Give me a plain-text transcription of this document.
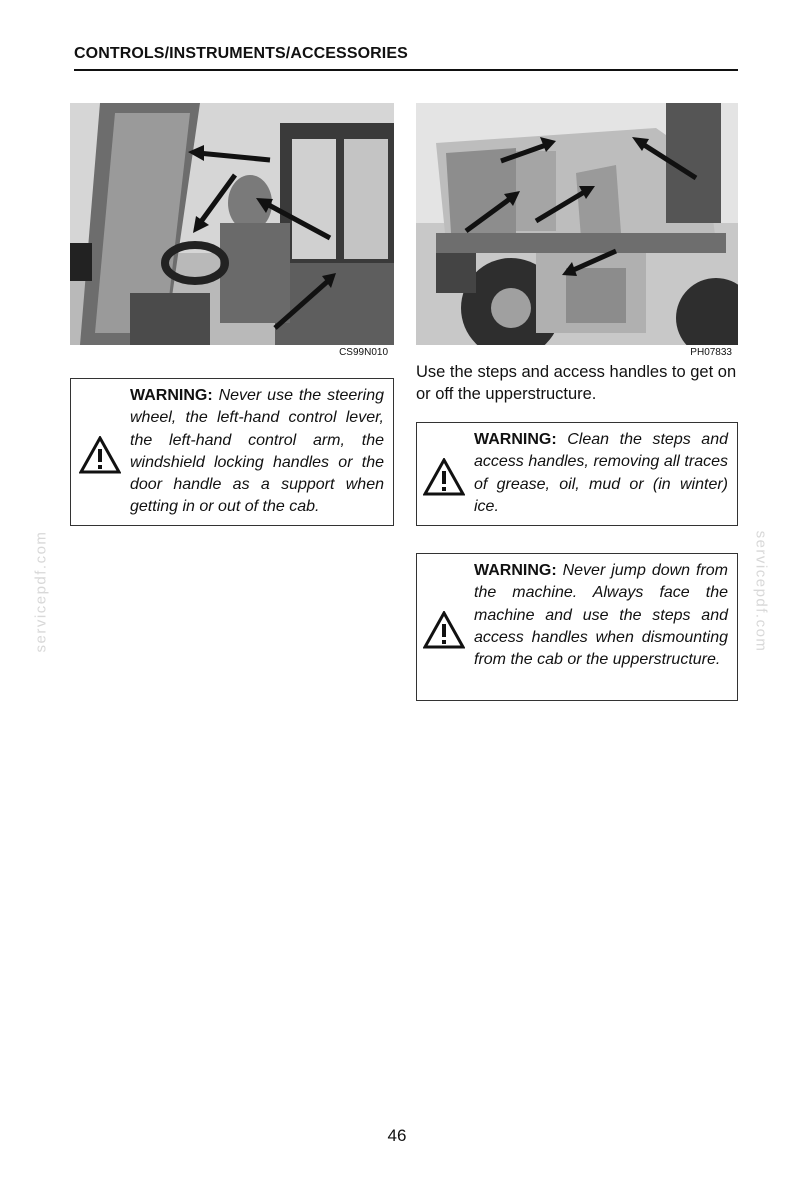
CONTROLS/INSTRUMENTS/ACCESSORIES
CS99N010	PH07833
Use the steps and access handles to get on or off the upperstructure.
WARNING: Never use the steering wheel, the left-hand control lever, the left-hand control arm, the windshield locking handles or the door handle as a support when getting in or out of the cab.
WARNING: Clean the steps and access handles, removing all traces of grease, oil, mud or (in winter) ice.
WARNING: Never jump down from the machine. Always face the machine and use the steps and access handles when dismounting from the cab or the upperstructure.
servicepdf.com	servicepdf.com
46
